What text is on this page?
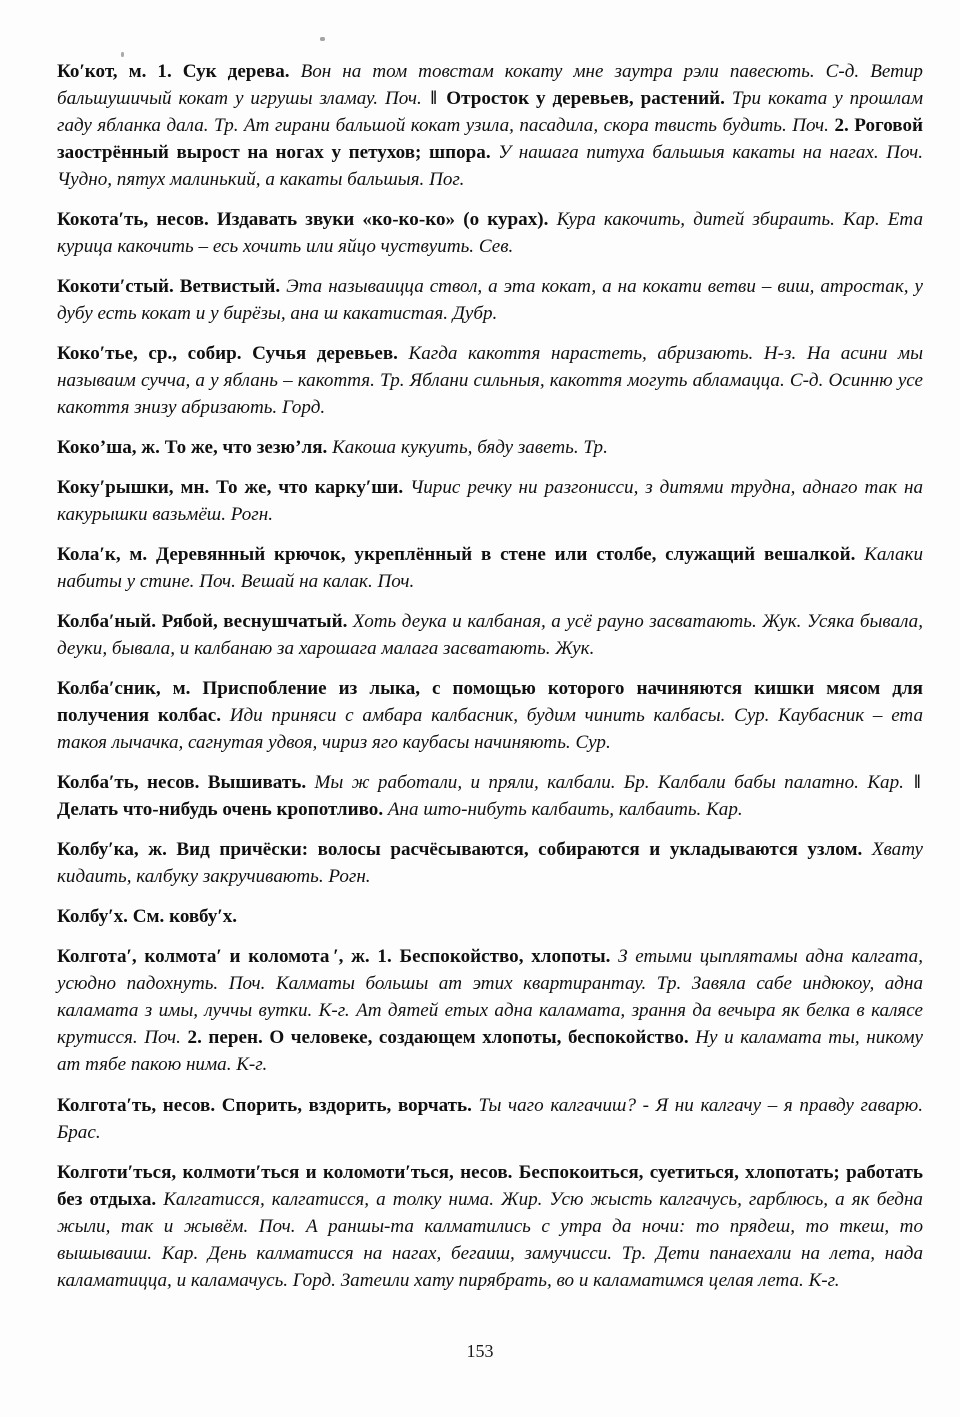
Ко′кот, м. 1. Сук дерева. Вон на том товстам кокату мне заутра рэли павесють. С-д. Ветир бальшушичый кокат у игрушы зламау. Поч. ‖ Отросток у деревьев, растений. Три коката у прошлам гаду ябланка дала. Тр. Ат гирани бальшой кокат узила, пасадила, скора твисть будить. Поч. 2. Роговой заострённый вырост на ногах у петухов; шпора. У нашага питуха бальшыя какаты на нагах. Поч. Чудно, пятух малинький, а какаты бальшыя. Пог.

Кокота′ть, несов. Издавать звуки «ко-ко-ко» (о курах). Кура какочить, дитей збираить. Кар. Ета курица какочить – есь хочить или яйцо чуствуить. Сев.

Кокоти′стый. Ветвистый. Эта называицца ствол, а эта кокат, а на кокати ветви – виш, атростак, у дубу есть кокат и у бирёзы, ана ш какатистая. Дубр.

Коко′тье, ср., собир. Сучья деревьев. Кагда какоття нарастеть, абризають. Н-з. На асини мы называим сучча, а у яблань – какоття. Тр. Яблани сильныя, какоття могуть абламацца. С-д. Осинню усе какоття знизу абризають. Горд.

Коко’ша, ж. То же, что зезю’ля. Какоша кукуить, бяду заветь. Тр.

Коку′рышки, мн. То же, что карку′ши. Чирис речку ни разгонисси, з дитями трудна, аднаго так на какурышки вазьмёш. Рогн.

Кола′к, м. Деревянный крючок, укреплённый в стене или столбе, служащий вешалкой. Калаки набиты у стине. Поч. Вешай на калак. Поч.

Колба′ный. Рябой, веснушчатый. Хоть деука и калбаная, а усё рауно засватають. Жук. Усяка бывала, деуки, бывала, и калбанаю за харошага малага засватають. Жук.

Колба′сник, м. Приспобление из лыка, с помощью которого начиняются кишки мясом для получения колбас. Иди приняси с амбара калбасник, будим чинить калбасы. Сур. Каубасник – ета такоя лычачка, сагнутая удвоя, чириз яго каубасы начиняють. Сур.

Колба′ть, несов. Вышивать. Мы ж работали, и пряли, калбали. Бр. Калбали бабы палатно. Кар. ‖ Делать что-нибудь очень кропотливо. Ана што-нибуть калбаить, калбаить. Кар.

Колбу′ка, ж. Вид причёски: волосы расчёсываются, собираются и укладываются узлом. Хвату кидаить, калбуку закручивають. Рогн.

Колбу′х. См. ковбу′х.

Колгота′, колмота′ и коломота ′, ж. 1. Беспокойство, хлопоты. З етыми цыплятамы адна калгата, усюдно падохнуть. Поч. Калматы большы ат этих квартирантау. Тр. Завяла сабе индюкоу, адна каламата з имы, луччы вутки. К-г. Ат дятей етых адна каламата, зрання да вечыра як белка в калясе крутисся. Поч. 2. перен. О человеке, создающем хлопоты, беспокойство. Ну и каламата ты, никому ат тябе пакою нима. К-г.

Колгота′ть, несов. Спорить, вздорить, ворчать. Ты чаго калгачиш? - Я ни калгачу – я правду гаварю. Брас.

Колготи′ться, колмоти′ться и коломоти′ться, несов. Беспокоиться, суетиться, хлопотать; работать без отдыха. Калгатисся, калгатисся, а толку нима. Жир. Усю жысть калгачусь, гарблюсь, а як бедна жыли, так и жывём. Поч. А раншы-та калматились с утра да ночи: то прядеш, то ткеш, то вышываиш. Кар. День калматисся на нагах, бегаиш, замучисси. Тр. Дети панаехали на лета, нада каламатицца, и каламачусь. Горд. Затеили хату пирябрать, во и каламатимся целая лета. К-г.

153
